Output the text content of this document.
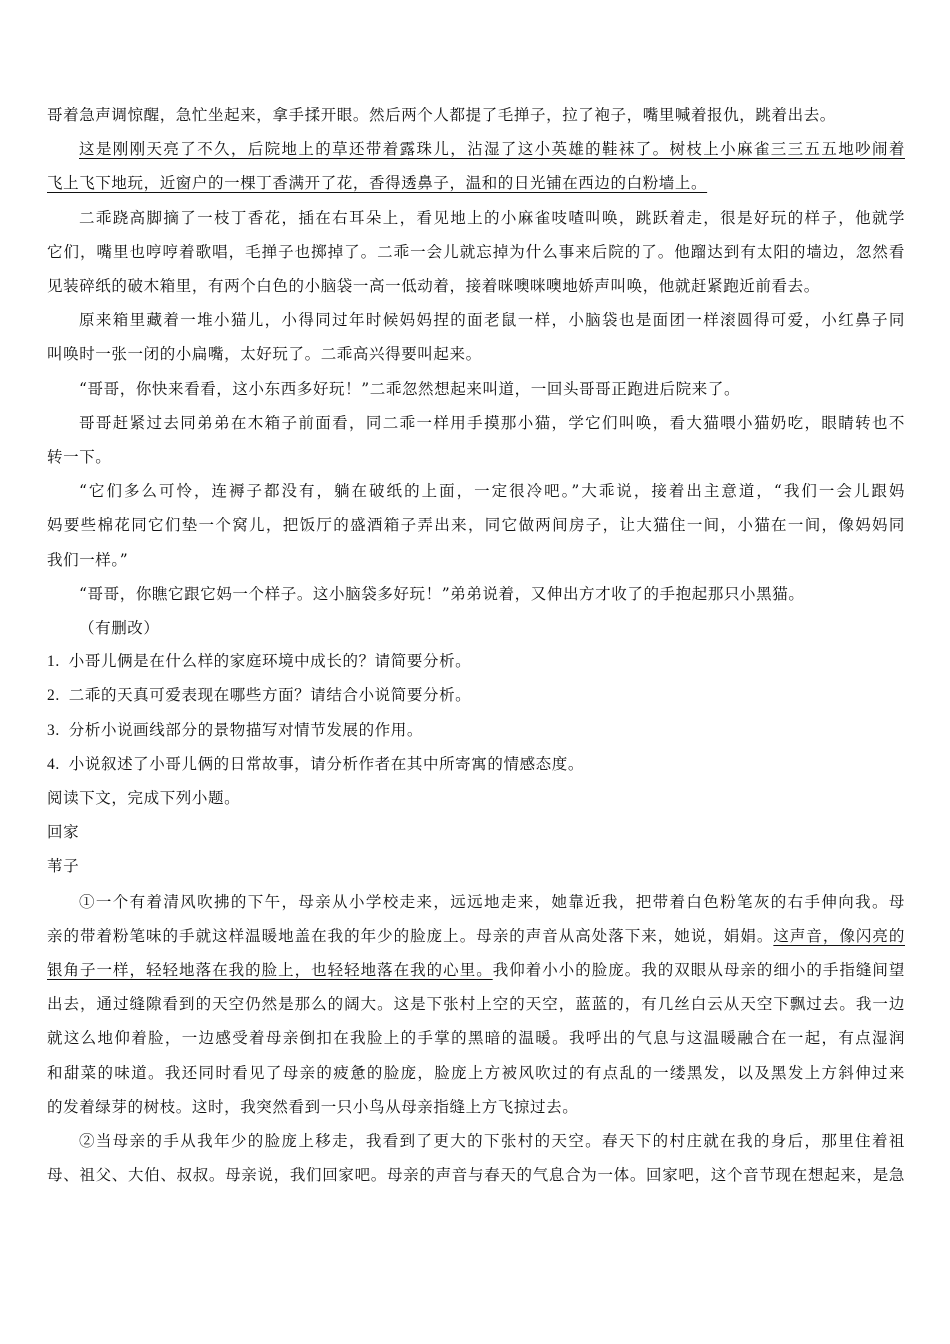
哥着急声调惊醒，急忙坐起来，拿手揉开眼。然后两个人都提了毛掸子，拉了袍子，嘴里喊着报仇，跳着出去。
这是刚刚天亮了不久，后院地上的草还带着露珠儿，沾湿了这小英雄的鞋袜了。树枝上小麻雀三三五五地吵闹着
飞上飞下地玩，近窗户的一棵丁香满开了花，香得透鼻子，温和的日光铺在西边的白粉墙上。
二乖跷高脚摘了一枝丁香花，插在右耳朵上，看见地上的小麻雀吱喳叫唤，跳跃着走，很是好玩的样子，他就学
它们，嘴里也哼哼着歌唱，毛掸子也掷掉了。二乖一会儿就忘掉为什么事来后院的了。他蹓达到有太阳的墙边，忽然看
见装碎纸的破木箱里，有两个白色的小脑袋一高一低动着，接着咪噢咪噢地娇声叫唤，他就赶紧跑近前看去。
原来箱里藏着一堆小猫儿，小得同过年时候妈妈捏的面老鼠一样，小脑袋也是面团一样滚圆得可爱，小红鼻子同
叫唤时一张一闭的小扁嘴，太好玩了。二乖高兴得要叫起来。
“哥哥，你快来看看，这小东西多好玩！”二乖忽然想起来叫道，一回头哥哥正跑进后院来了。
哥哥赶紧过去同弟弟在木箱子前面看，同二乖一样用手摸那小猫，学它们叫唤，看大猫喂小猫奶吃，眼睛转也不
转一下。
“它们多么可怜，连褥子都没有，躺在破纸的上面，一定很冷吧。”大乖说，接着出主意道，“我们一会儿跟妈
妈要些棉花同它们垫一个窝儿，把饭厅的盛酒箱子弄出来，同它做两间房子，让大猫住一间，小猫在一间，像妈妈同
我们一样。”
“哥哥，你瞧它跟它妈一个样子。这小脑袋多好玩！”弟弟说着，又伸出方才收了的手抱起那只小黑猫。
（有删改）
1. 小哥儿俩是在什么样的家庭环境中成长的？请简要分析。
2. 二乖的天真可爱表现在哪些方面？请结合小说简要分析。
3. 分析小说画线部分的景物描写对情节发展的作用。
4. 小说叙述了小哥儿俩的日常故事，请分析作者在其中所寄寓的情感态度。
阅读下文，完成下列小题。
回家
苇子
①一个有着清风吹拂的下午，母亲从小学校走来，远远地走来，她靠近我，把带着白色粉笔灰的右手伸向我。母
亲的带着粉笔味的手就这样温暖地盖在我的年少的脸庞上。母亲的声音从高处落下来，她说，娟娟。这声音，像闪亮的
银角子一样，轻轻地落在我的脸上，也轻轻地落在我的心里。我仰着小小的脸庞。我的双眼从母亲的细小的手指缝间望
出去，通过缝隙看到的天空仍然是那么的阔大。这是下张村上空的天空，蓝蓝的，有几丝白云从天空下飘过去。我一边
就这么地仰着脸，一边感受着母亲倒扣在我脸上的手掌的黑暗的温暖。我呼出的气息与这温暖融合在一起，有点湿润
和甜菜的味道。我还同时看见了母亲的疲惫的脸庞，脸庞上方被风吹过的有点乱的一缕黑发，以及黑发上方斜伸过来
的发着绿芽的树枝。这时，我突然看到一只小鸟从母亲指缝上方飞掠过去。
②当母亲的手从我年少的脸庞上移走，我看到了更大的下张村的天空。春天下的村庄就在我的身后，那里住着祖
母、祖父、大伯、叔叔。母亲说，我们回家吧。母亲的声音与春天的气息合为一体。回家吧，这个音节现在想起来，是急
